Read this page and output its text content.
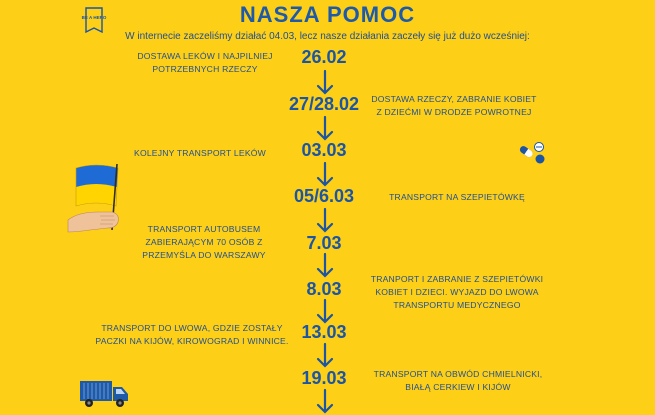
BE A HERO	NASZA POMOC
W internecie zaczeliśmy działać 04.03, lecz nasze działania zaczeły się już dużo wcześniej:
26.02
27/28.02
03.03
05/6.03
7.03
8.03
13.03
19.03
DOSTAWA LEKÓW I NAJPILNIEJ POTRZEBNYCH RZECZY
DOSTAWA RZECZY, ZABRANIE KOBIET Z DZIEĆMI W DRODZE POWROTNEJ
KOLEJNY TRANSPORT LEKÓW
TRANSPORT NA SZEPIETÓWKĘ
TRANSPORT AUTOBUSEM ZABIERAJĄCYM 70 OSÓB Z PRZEMYŚLA DO WARSZAWY
TRANPORT I ZABRANIE Z SZEPIETÓWKI KOBIET I DZIECI. WYJAZD DO LWOWA TRANSPORTU MEDYCZNEGO
TRANSPORT DO LWOWA, GDZIE ZOSTAŁY PACZKI NA KIJÓW, KIROWOGRAD I WINNICE.
TRANSPORT NA OBWÓD CHMIELNICKI, BIAŁĄ CERKIEW I KIJÓW
